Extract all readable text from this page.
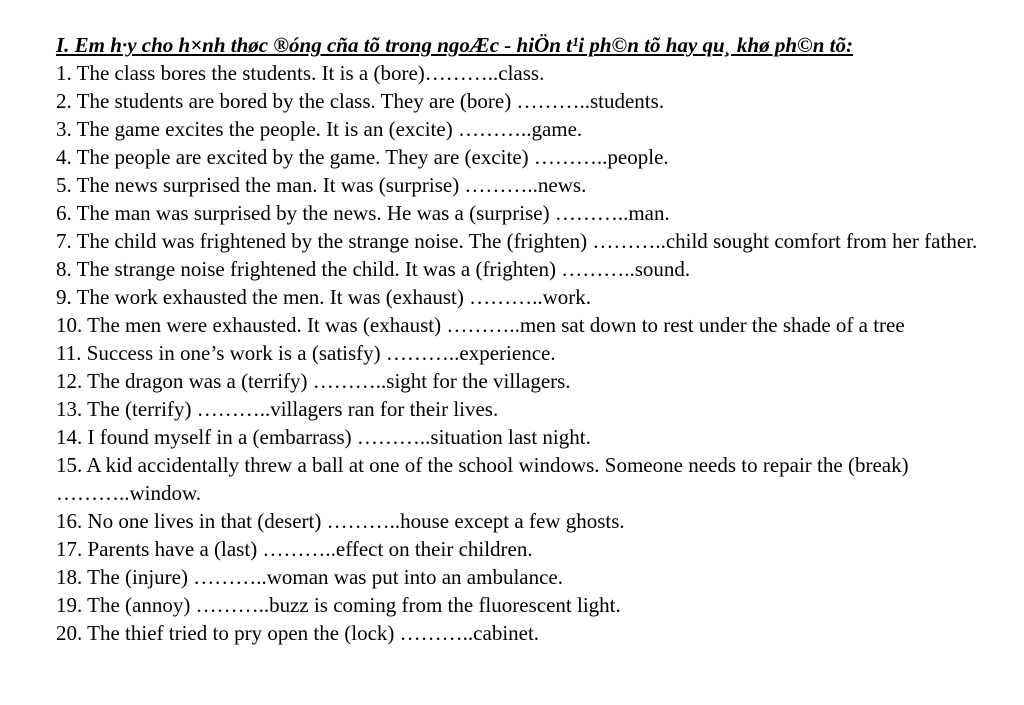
I. Em h·y cho h×nh thøc ®óng cña tõ trong ngoÆc - hiÖn t¹i ph©n tõ hay qu¸ khø ph©n tõ:

1. The class bores the students. It is a (bore)………..class.
2. The students are bored by the class. They are (bore) ………..students.
3. The game excites the people. It is an (excite) ………..game.
4. The people are excited by the game. They are (excite) ………..people.
5. The news surprised the man. It was (surprise) ………..news.
6. The man was surprised by the news. He was a (surprise) ………..man.
7. The child was frightened by the strange noise. The (frighten) ………..child sought comfort from her father.
8. The strange noise frightened the child. It was a (frighten) ………..sound.
9. The work exhausted the men. It was (exhaust) ………..work.
10. The men were exhausted. It was (exhaust) ………..men sat down to rest under the shade of a tree
11. Success in one’s work is a (satisfy) ………..experience.
12. The dragon was a (terrify) ………..sight for the villagers.
13. The (terrify) ………..villagers ran for their lives.
14. I found myself in a (embarrass) ………..situation last night.
15. A kid accidentally threw a ball at one of the school windows. Someone needs to repair the (break) ………..window.
16. No one lives in that (desert) ………..house except a few ghosts.
17. Parents have a (last) ………..effect on their children.
18. The (injure) ………..woman was put into an ambulance.
19. The (annoy) ………..buzz is coming from the fluorescent light.
20. The thief tried to pry open the (lock) ………..cabinet.
